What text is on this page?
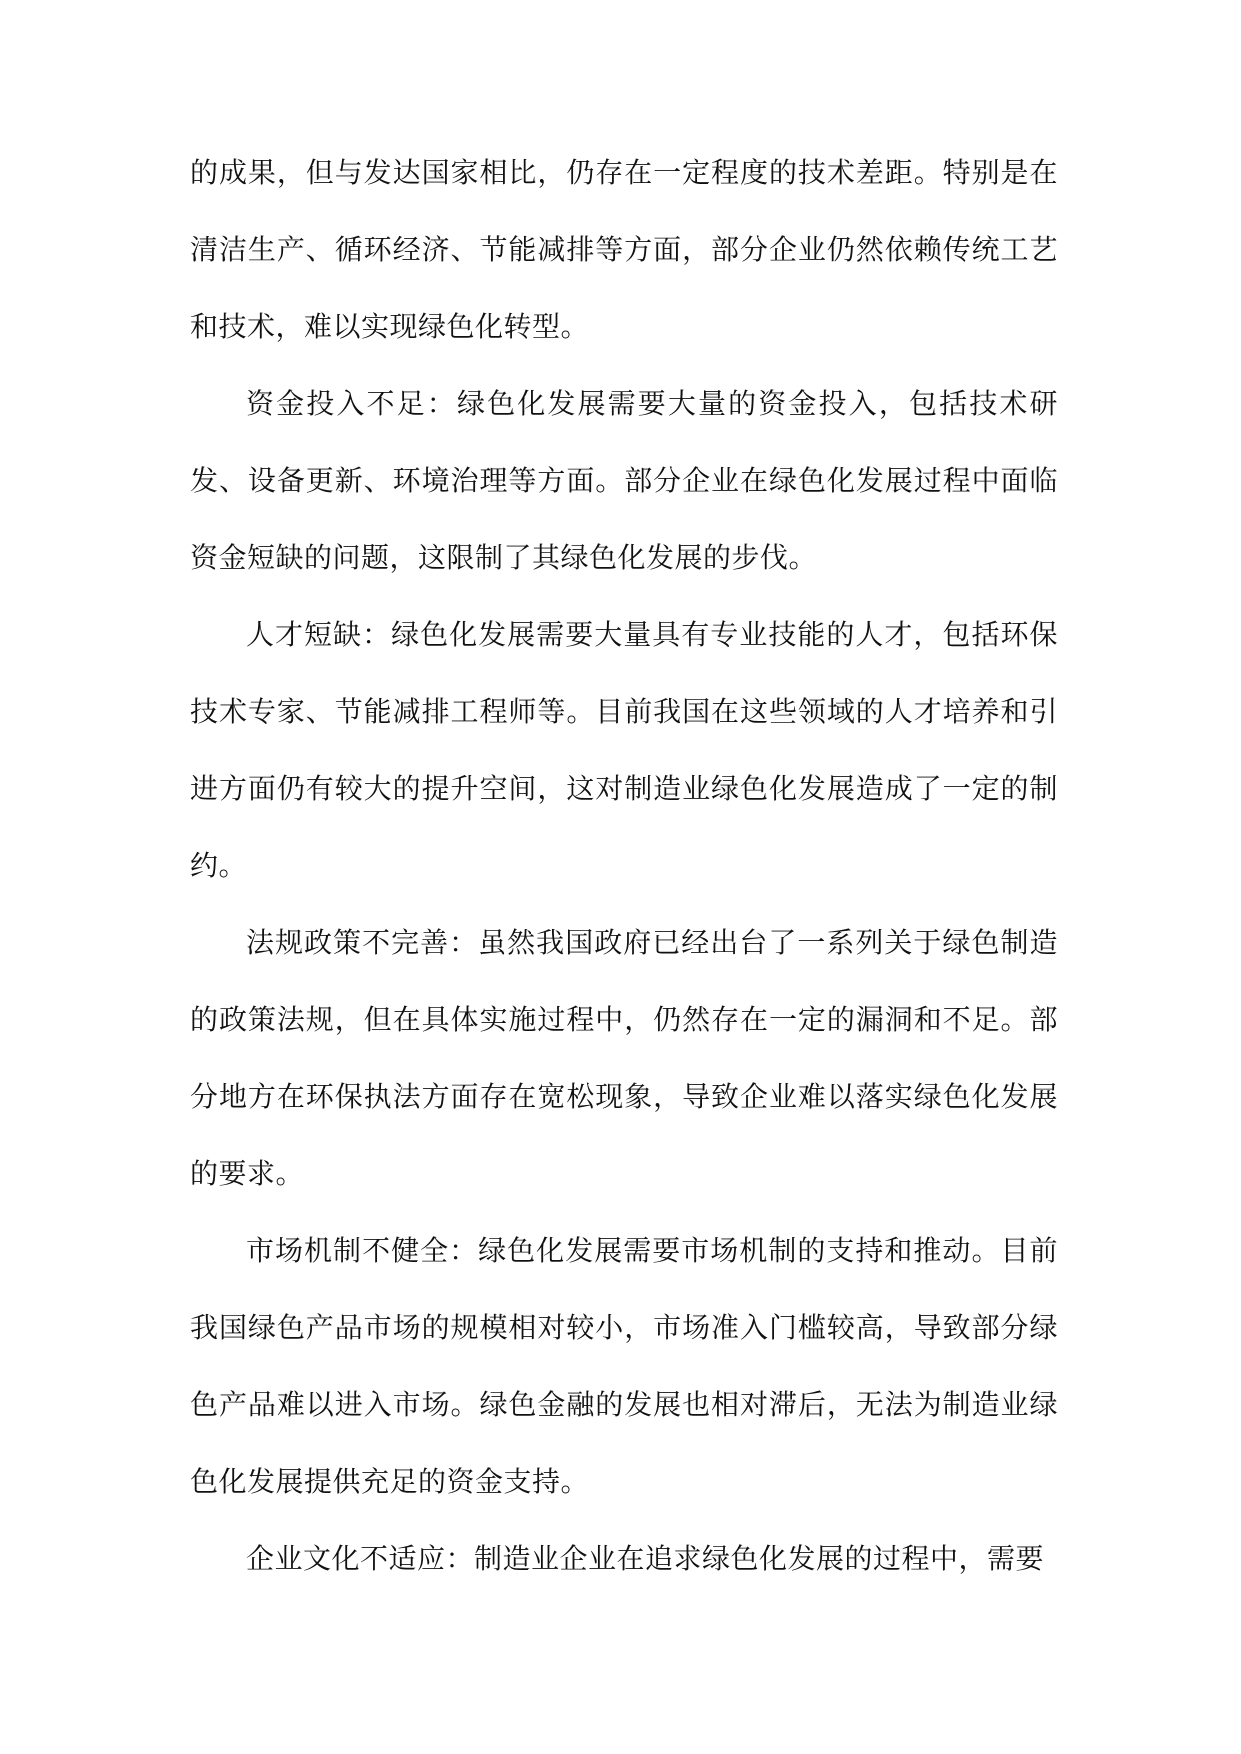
的成果，但与发达国家相比，仍存在一定程度的技术差距。特别是在清洁生产、循环经济、节能减排等方面，部分企业仍然依赖传统工艺和技术，难以实现绿色化转型。

资金投入不足：绿色化发展需要大量的资金投入，包括技术研发、设备更新、环境治理等方面。部分企业在绿色化发展过程中面临资金短缺的问题，这限制了其绿色化发展的步伐。

人才短缺：绿色化发展需要大量具有专业技能的人才，包括环保技术专家、节能减排工程师等。目前我国在这些领域的人才培养和引进方面仍有较大的提升空间，这对制造业绿色化发展造成了一定的制约。

法规政策不完善：虽然我国政府已经出台了一系列关于绿色制造的政策法规，但在具体实施过程中，仍然存在一定的漏洞和不足。部分地方在环保执法方面存在宽松现象，导致企业难以落实绿色化发展的要求。

市场机制不健全：绿色化发展需要市场机制的支持和推动。目前我国绿色产品市场的规模相对较小，市场准入门槛较高，导致部分绿色产品难以进入市场。绿色金融的发展也相对滞后，无法为制造业绿色化发展提供充足的资金支持。

企业文化不适应：制造业企业在追求绿色化发展的过程中，需要
